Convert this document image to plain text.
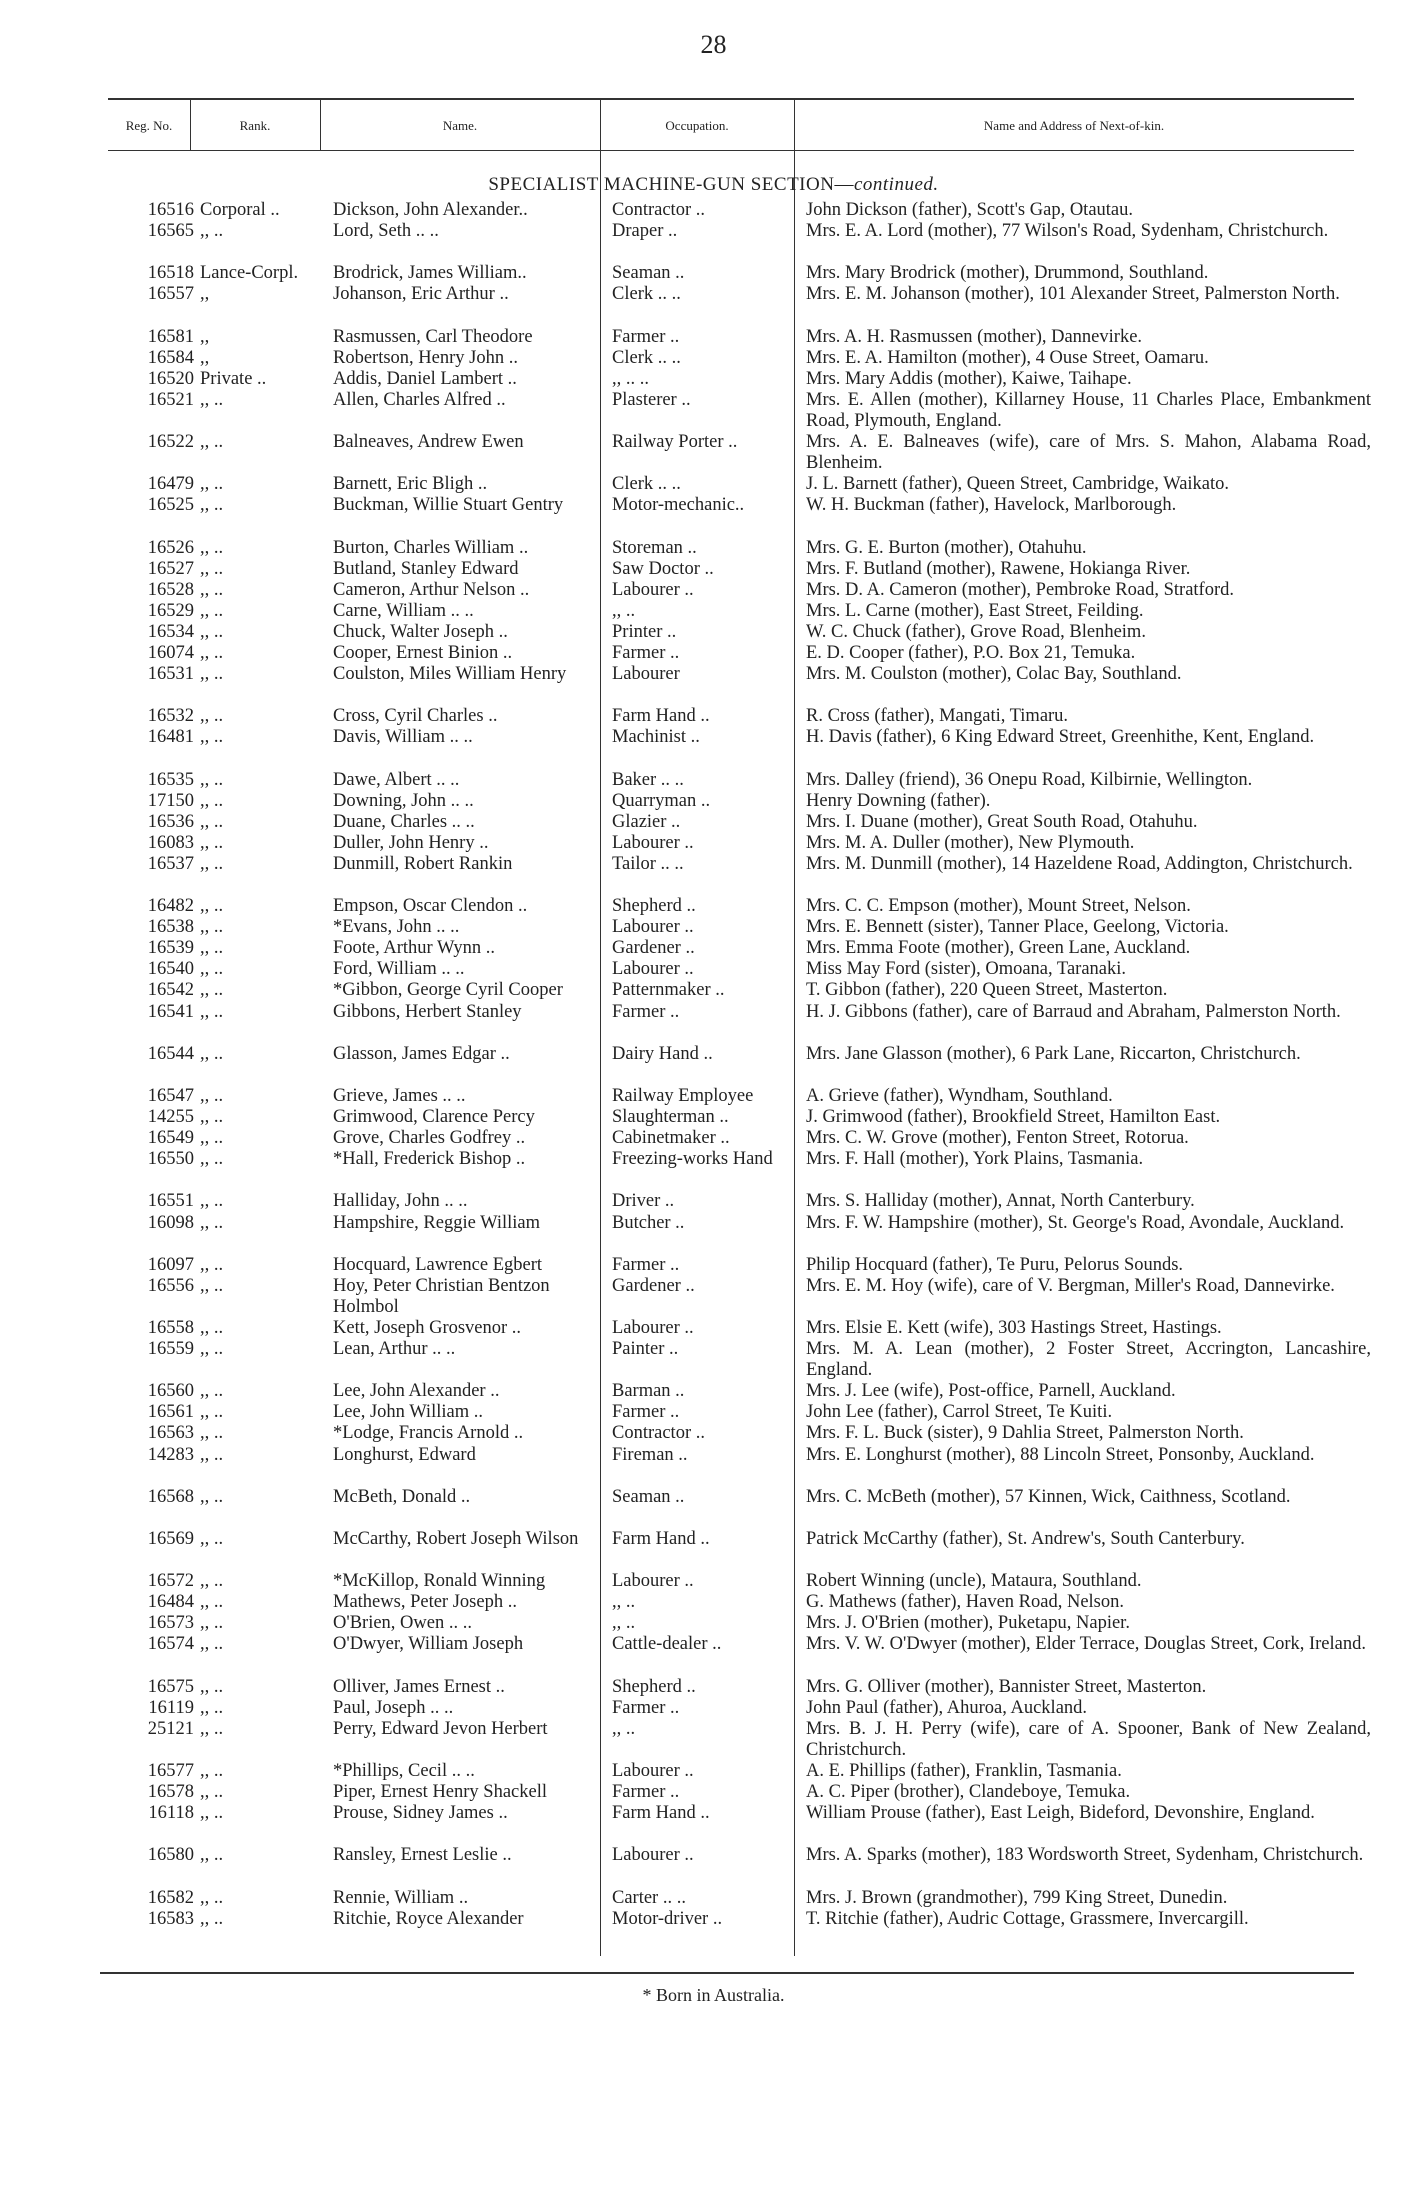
28
Reg. No.	Rank.	Name.	Occupation.	Name and Address of Next-of-kin.
SPECIALIST MACHINE-GUN SECTION—continued.
16516 Corporal ..	Dickson, John Alexander..	Contractor ..	John Dickson (father), Scott's Gap, Otautau.
16565 ,, ..	Lord, Seth .. ..	Draper ..	Mrs. E. A. Lord (mother), 77 Wilson's Road, Sydenham, Christchurch.
16518 Lance-Corpl.	Brodrick, James William..	Seaman ..	Mrs. Mary Brodrick (mother), Drummond, Southland.
16557 ,,	Johanson, Eric Arthur ..	Clerk .. ..	Mrs. E. M. Johanson (mother), 101 Alexander Street, Palmerston North.
16581 ,,	Rasmussen, Carl Theodore	Farmer ..	Mrs. A. H. Rasmussen (mother), Dannevirke.
16584 ,,	Robertson, Henry John ..	Clerk .. ..	Mrs. E. A. Hamilton (mother), 4 Ouse Street, Oamaru.
16520 Private ..	Addis, Daniel Lambert ..	,, .. ..	Mrs. Mary Addis (mother), Kaiwe, Taihape.
16521 ,, ..	Allen, Charles Alfred ..	Plasterer ..	Mrs. E. Allen (mother), Killarney House, 11 Charles Place, Embankment Road, Plymouth, England.
16522 ,, ..	Balneaves, Andrew Ewen	Railway Porter ..	Mrs. A. E. Balneaves (wife), care of Mrs. S. Mahon, Alabama Road, Blenheim.
16479 ,, ..	Barnett, Eric Bligh ..	Clerk .. ..	J. L. Barnett (father), Queen Street, Cambridge, Waikato.
16525 ,, ..	Buckman, Willie Stuart Gentry	Motor-mechanic..	W. H. Buckman (father), Havelock, Marlborough.
16526 ,, ..	Burton, Charles William ..	Storeman ..	Mrs. G. E. Burton (mother), Otahuhu.
16527 ,, ..	Butland, Stanley Edward	Saw Doctor ..	Mrs. F. Butland (mother), Rawene, Hokianga River.
16528 ,, ..	Cameron, Arthur Nelson ..	Labourer ..	Mrs. D. A. Cameron (mother), Pembroke Road, Stratford.
16529 ,, ..	Carne, William .. ..	,, ..	Mrs. L. Carne (mother), East Street, Feilding.
16534 ,, ..	Chuck, Walter Joseph ..	Printer ..	W. C. Chuck (father), Grove Road, Blenheim.
16074 ,, ..	Cooper, Ernest Binion ..	Farmer ..	E. D. Cooper (father), P.O. Box 21, Temuka.
16531 ,, ..	Coulston, Miles William Henry	Labourer	Mrs. M. Coulston (mother), Colac Bay, Southland.
16532 ,, ..	Cross, Cyril Charles ..	Farm Hand ..	R. Cross (father), Mangati, Timaru.
16481 ,, ..	Davis, William .. ..	Machinist ..	H. Davis (father), 6 King Edward Street, Greenhithe, Kent, England.
16535 ,, ..	Dawe, Albert .. ..	Baker .. ..	Mrs. Dalley (friend), 36 Onepu Road, Kilbirnie, Wellington.
17150 ,, ..	Downing, John .. ..	Quarryman ..	Henry Downing (father).
16536 ,, ..	Duane, Charles .. ..	Glazier ..	Mrs. I. Duane (mother), Great South Road, Otahuhu.
16083 ,, ..	Duller, John Henry ..	Labourer ..	Mrs. M. A. Duller (mother), New Plymouth.
16537 ,, ..	Dunmill, Robert Rankin	Tailor .. ..	Mrs. M. Dunmill (mother), 14 Hazeldene Road, Addington, Christchurch.
16482 ,, ..	Empson, Oscar Clendon ..	Shepherd ..	Mrs. C. C. Empson (mother), Mount Street, Nelson.
16538 ,, ..	*Evans, John .. ..	Labourer ..	Mrs. E. Bennett (sister), Tanner Place, Geelong, Victoria.
16539 ,, ..	Foote, Arthur Wynn ..	Gardener ..	Mrs. Emma Foote (mother), Green Lane, Auckland.
16540 ,, ..	Ford, William .. ..	Labourer ..	Miss May Ford (sister), Omoana, Taranaki.
16542 ,, ..	*Gibbon, George Cyril Cooper	Patternmaker ..	T. Gibbon (father), 220 Queen Street, Masterton.
16541 ,, ..	Gibbons, Herbert Stanley	Farmer ..	H. J. Gibbons (father), care of Barraud and Abraham, Palmerston North.
16544 ,, ..	Glasson, James Edgar ..	Dairy Hand ..	Mrs. Jane Glasson (mother), 6 Park Lane, Riccarton, Christchurch.
16547 ,, ..	Grieve, James .. ..	Railway Employee	A. Grieve (father), Wyndham, Southland.
14255 ,, ..	Grimwood, Clarence Percy	Slaughterman ..	J. Grimwood (father), Brookfield Street, Hamilton East.
16549 ,, ..	Grove, Charles Godfrey ..	Cabinetmaker ..	Mrs. C. W. Grove (mother), Fenton Street, Rotorua.
16550 ,, ..	*Hall, Frederick Bishop ..	Freezing-works Hand	Mrs. F. Hall (mother), York Plains, Tasmania.
16551 ,, ..	Halliday, John .. ..	Driver ..	Mrs. S. Halliday (mother), Annat, North Canterbury.
16098 ,, ..	Hampshire, Reggie William	Butcher ..	Mrs. F. W. Hampshire (mother), St. George's Road, Avondale, Auckland.
16097 ,, ..	Hocquard, Lawrence Egbert	Farmer ..	Philip Hocquard (father), Te Puru, Pelorus Sounds.
16556 ,, ..	Hoy, Peter Christian Bentzon Holmbol
Gardener ..	Mrs. E. M. Hoy (wife), care of V. Bergman, Miller's Road, Dannevirke.
16558 ,, ..	Kett, Joseph Grosvenor ..	Labourer ..	Mrs. Elsie E. Kett (wife), 303 Hastings Street, Hastings.
16559 ,, ..	Lean, Arthur .. ..	Painter ..	Mrs. M. A. Lean (mother), 2 Foster Street, Accrington, Lancashire, England.
16560 ,, ..	Lee, John Alexander ..	Barman ..	Mrs. J. Lee (wife), Post-office, Parnell, Auckland.
16561 ,, ..	Lee, John William ..	Farmer ..	John Lee (father), Carrol Street, Te Kuiti.
16563 ,, ..	*Lodge, Francis Arnold ..	Contractor ..	Mrs. F. L. Buck (sister), 9 Dahlia Street, Palmerston North.
14283 ,, ..	Longhurst, Edward	Fireman ..	Mrs. E. Longhurst (mother), 88 Lincoln Street, Ponsonby, Auckland.
16568 ,, ..	McBeth, Donald ..	Seaman ..	Mrs. C. McBeth (mother), 57 Kinnen, Wick, Caithness, Scotland.
16569 ,, ..	McCarthy, Robert Joseph Wilson	Farm Hand ..	Patrick McCarthy (father), St. Andrew's, South Canterbury.
16572 ,, ..	*McKillop, Ronald Winning	Labourer ..	Robert Winning (uncle), Mataura, Southland.
16484 ,, ..	Mathews, Peter Joseph ..	,, ..	G. Mathews (father), Haven Road, Nelson.
16573 ,, ..	O'Brien, Owen .. ..	,, ..	Mrs. J. O'Brien (mother), Puketapu, Napier.
16574 ,, ..	O'Dwyer, William Joseph	Cattle-dealer ..	Mrs. V. W. O'Dwyer (mother), Elder Terrace, Douglas Street, Cork, Ireland.
16575 ,, ..	Olliver, James Ernest ..	Shepherd ..	Mrs. G. Olliver (mother), Bannister Street, Masterton.
16119 ,, ..	Paul, Joseph .. ..	Farmer ..	John Paul (father), Ahuroa, Auckland.
25121 ,, ..	Perry, Edward Jevon Herbert	,, ..	Mrs. B. J. H. Perry (wife), care of A. Spooner, Bank of New Zealand, Christchurch.
16577 ,, ..	*Phillips, Cecil .. ..	Labourer ..	A. E. Phillips (father), Franklin, Tasmania.
16578 ,, ..	Piper, Ernest Henry Shackell	Farmer ..	A. C. Piper (brother), Clandeboye, Temuka.
16118 ,, ..	Prouse, Sidney James ..	Farm Hand ..	William Prouse (father), East Leigh, Bideford, Devonshire, England.
16580 ,, ..	Ransley, Ernest Leslie ..	Labourer ..	Mrs. A. Sparks (mother), 183 Wordsworth Street, Sydenham, Christchurch.
16582 ,, ..	Rennie, William ..	Carter .. ..	Mrs. J. Brown (grandmother), 799 King Street, Dunedin.
16583 ,, ..	Ritchie, Royce Alexander	Motor-driver ..	T. Ritchie (father), Audric Cottage, Grassmere, Invercargill.
* Born in Australia.
